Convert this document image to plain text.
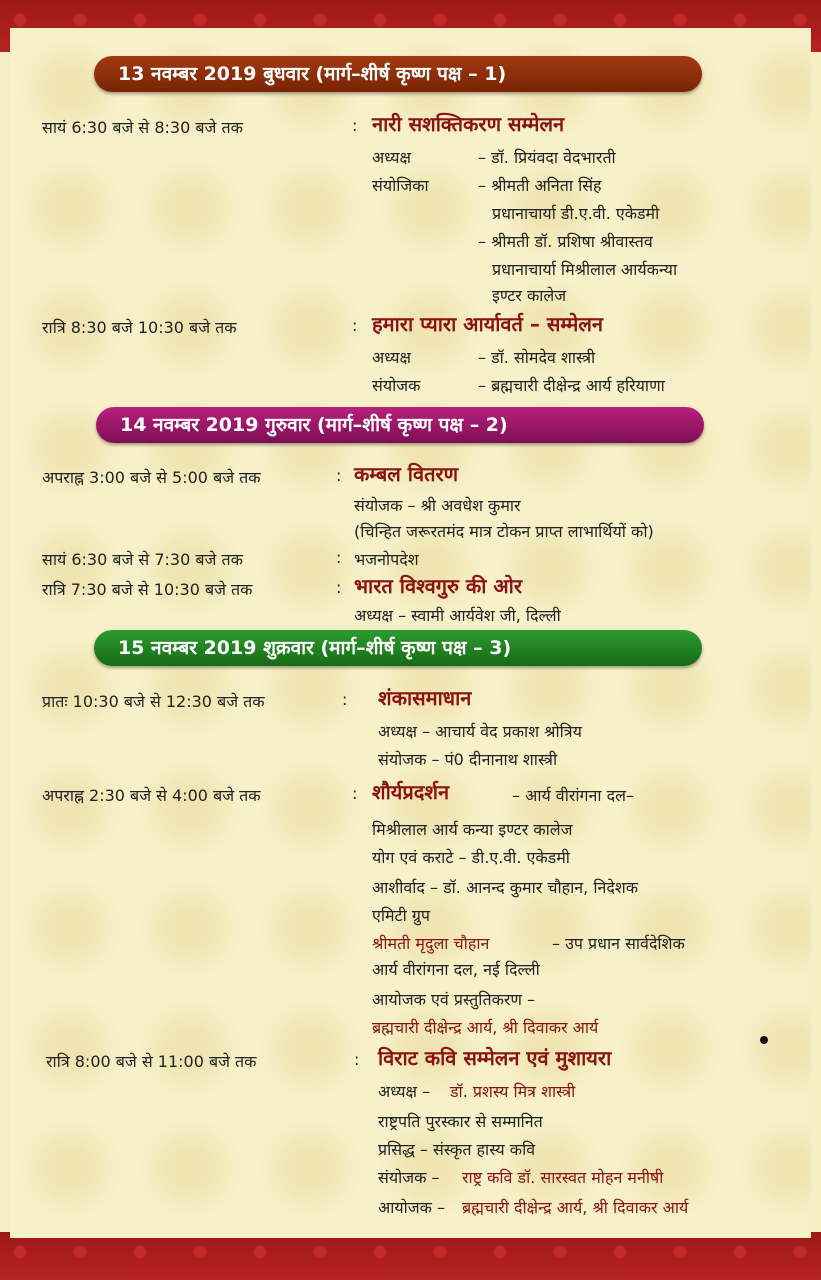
13 नवम्बर 2019 बुधवार (मार्ग–शीर्ष कृष्ण पक्ष – 1)
सायं 6:30 बजे से 8:30 बजे तक	: नारी सशक्तिकरण सम्मेलन
अध्यक्ष	– डॉ. प्रियंवदा वेदभारती
संयोजिका	– श्रीमती अनिता सिंह
प्रधानाचार्या डी.ए.वी. एकेडमी
– श्रीमती डॉ. प्रशिषा श्रीवास्तव
प्रधानाचार्या मिश्रीलाल आर्यकन्या
इण्टर कालेज
रात्रि 8:30 बजे 10:30 बजे तक	: हमारा प्यारा आर्यावर्त – सम्मेलन
अध्यक्ष	– डॉ. सोमदेव शास्त्री
संयोजक	– ब्रह्मचारी दीक्षेन्द्र आर्य हरियाणा
14 नवम्बर 2019 गुरुवार (मार्ग–शीर्ष कृष्ण पक्ष – 2)
अपराह्न 3:00 बजे से 5:00 बजे तक	: कम्बल वितरण
संयोजक – श्री अवधेश कुमार
(चिन्हित जरूरतमंद मात्र टोकन प्राप्त लाभार्थियों को)
सायं 6:30 बजे से 7:30 बजे तक	: भजनोपदेश
रात्रि 7:30 बजे से 10:30 बजे तक	: भारत विश्वगुरु की ओर
अध्यक्ष – स्वामी आर्यवेश जी, दिल्ली
15 नवम्बर 2019 शुक्रवार (मार्ग–शीर्ष कृष्ण पक्ष – 3)
प्रातः 10:30 बजे से 12:30 बजे तक	: शंकासमाधान
अध्यक्ष – आचार्य वेद प्रकाश श्रोत्रिय
संयोजक – पं0 दीनानाथ शास्त्री
अपराह्न 2:30 बजे से 4:00 बजे तक	: शौर्यप्रदर्शन	– आर्य वीरांगना दल–
मिश्रीलाल आर्य कन्या इण्टर कालेज
योग एवं कराटे – डी.ए.वी. एकेडमी
आशीर्वाद – डॉ. आनन्द कुमार चौहान, निदेशक
एमिटी ग्रुप
श्रीमती मृदुला चौहान	– उप प्रधान सार्वदेशिक
आर्य वीरांगना दल, नई दिल्ली
आयोजक एवं प्रस्तुतिकरण –
ब्रह्मचारी दीक्षेन्द्र आर्य, श्री दिवाकर आर्य
रात्रि 8:00 बजे से 11:00 बजे तक	: विराट कवि सम्मेलन एवं मुशायरा
अध्यक्ष – डॉ. प्रशस्य मित्र शास्त्री
राष्ट्रपति पुरस्कार से सम्मानित
प्रसिद्ध – संस्कृत हास्य कवि
संयोजक – राष्ट्र कवि डॉ. सारस्वत मोहन मनीषी
आयोजक – ब्रह्मचारी दीक्षेन्द्र आर्य, श्री दिवाकर आर्य
